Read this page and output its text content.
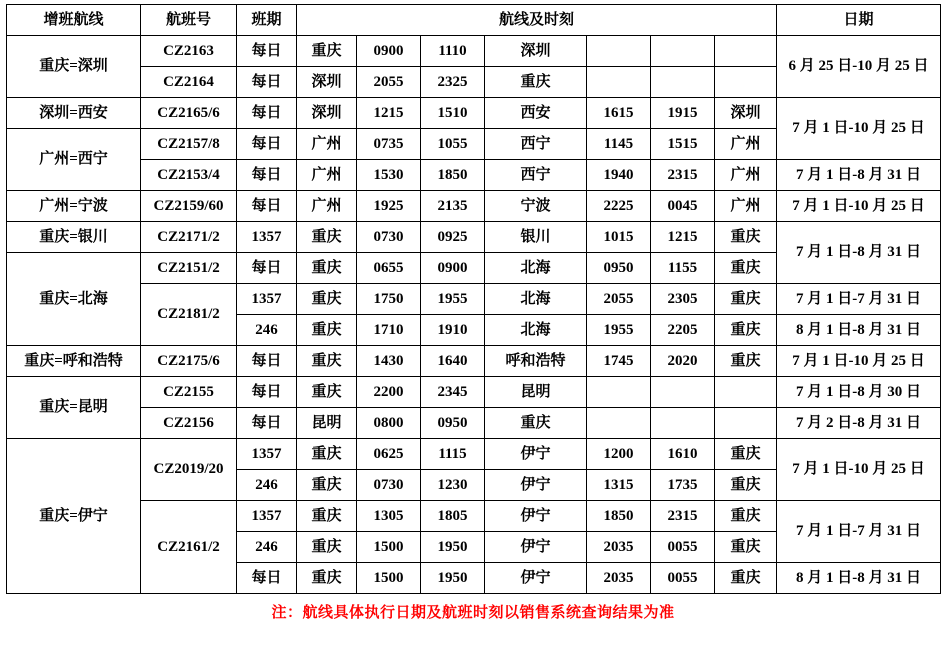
增班航线	航班号	班期	航线及时刻							日期
重庆=深圳	CZ2163	每日	重庆	0900	1110	深圳				6 月 25 日-10 月 25 日
	CZ2164	每日	深圳	2055	2325	重庆				
深圳=西安	CZ2165/6	每日	深圳	1215	1510	西安	1615	1915	深圳	7 月 1 日-10 月 25 日
广州=西宁	CZ2157/8	每日	广州	0735	1055	西宁	1145	1515	广州	
	CZ2153/4	每日	广州	1530	1850	西宁	1940	2315	广州	7 月 1 日-8 月 31 日
广州=宁波	CZ2159/60	每日	广州	1925	2135	宁波	2225	0045	广州	7 月 1 日-10 月 25 日
重庆=银川	CZ2171/2	1357	重庆	0730	0925	银川	1015	1215	重庆	7 月 1 日-8 月 31 日
重庆=北海	CZ2151/2	每日	重庆	0655	0900	北海	0950	1155	重庆	
	CZ2181/2	1357	重庆	1750	1955	北海	2055	2305	重庆	7 月 1 日-7 月 31 日
		246	重庆	1710	1910	北海	1955	2205	重庆	8 月 1 日-8 月 31 日
重庆=呼和浩特	CZ2175/6	每日	重庆	1430	1640	呼和浩特	1745	2020	重庆	7 月 1 日-10 月 25 日
重庆=昆明	CZ2155	每日	重庆	2200	2345	昆明				7 月 1 日-8 月 30 日
	CZ2156	每日	昆明	0800	0950	重庆				7 月 2 日-8 月 31 日
重庆=伊宁	CZ2019/20	1357	重庆	0625	1115	伊宁	1200	1610	重庆	7 月 1 日-10 月 25 日
		246	重庆	0730	1230	伊宁	1315	1735	重庆	
	CZ2161/2	1357	重庆	1305	1805	伊宁	1850	2315	重庆	7 月 1 日-7 月 31 日
		246	重庆	1500	1950	伊宁	2035	0055	重庆	
		每日	重庆	1500	1950	伊宁	2035	0055	重庆	8 月 1 日-8 月 31 日
注：航线具体执行日期及航班时刻以销售系统查询结果为准
